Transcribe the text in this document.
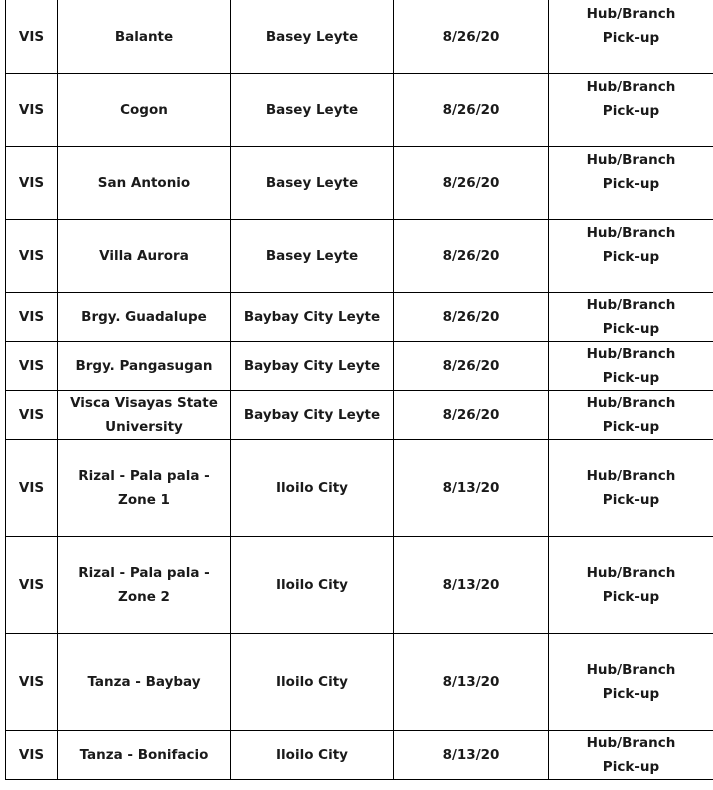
VIS	Balante	Basey Leyte	8/26/20	Hub/Branch Pick-up

VIS	Cogon	Basey Leyte	8/26/20	Hub/Branch Pick-up

VIS	San Antonio	Basey Leyte	8/26/20	Hub/Branch Pick-up

VIS	Villa Aurora	Basey Leyte	8/26/20	Hub/Branch Pick-up

VIS	Brgy. Guadalupe	Baybay City Leyte	8/26/20	Hub/Branch Pick-up

VIS	Brgy. Pangasugan	Baybay City Leyte	8/26/20	Hub/Branch Pick-up

VIS	Visca Visayas State University	Baybay City Leyte	8/26/20	Hub/Branch Pick-up

VIS	Rizal - Pala pala - Zone 1	Iloilo City	8/13/20	Hub/Branch Pick-up

VIS	Rizal - Pala pala - Zone 2	Iloilo City	8/13/20	Hub/Branch Pick-up

VIS	Tanza - Baybay	Iloilo City	8/13/20	Hub/Branch Pick-up

VIS	Tanza - Bonifacio	Iloilo City	8/13/20	Hub/Branch Pick-up
